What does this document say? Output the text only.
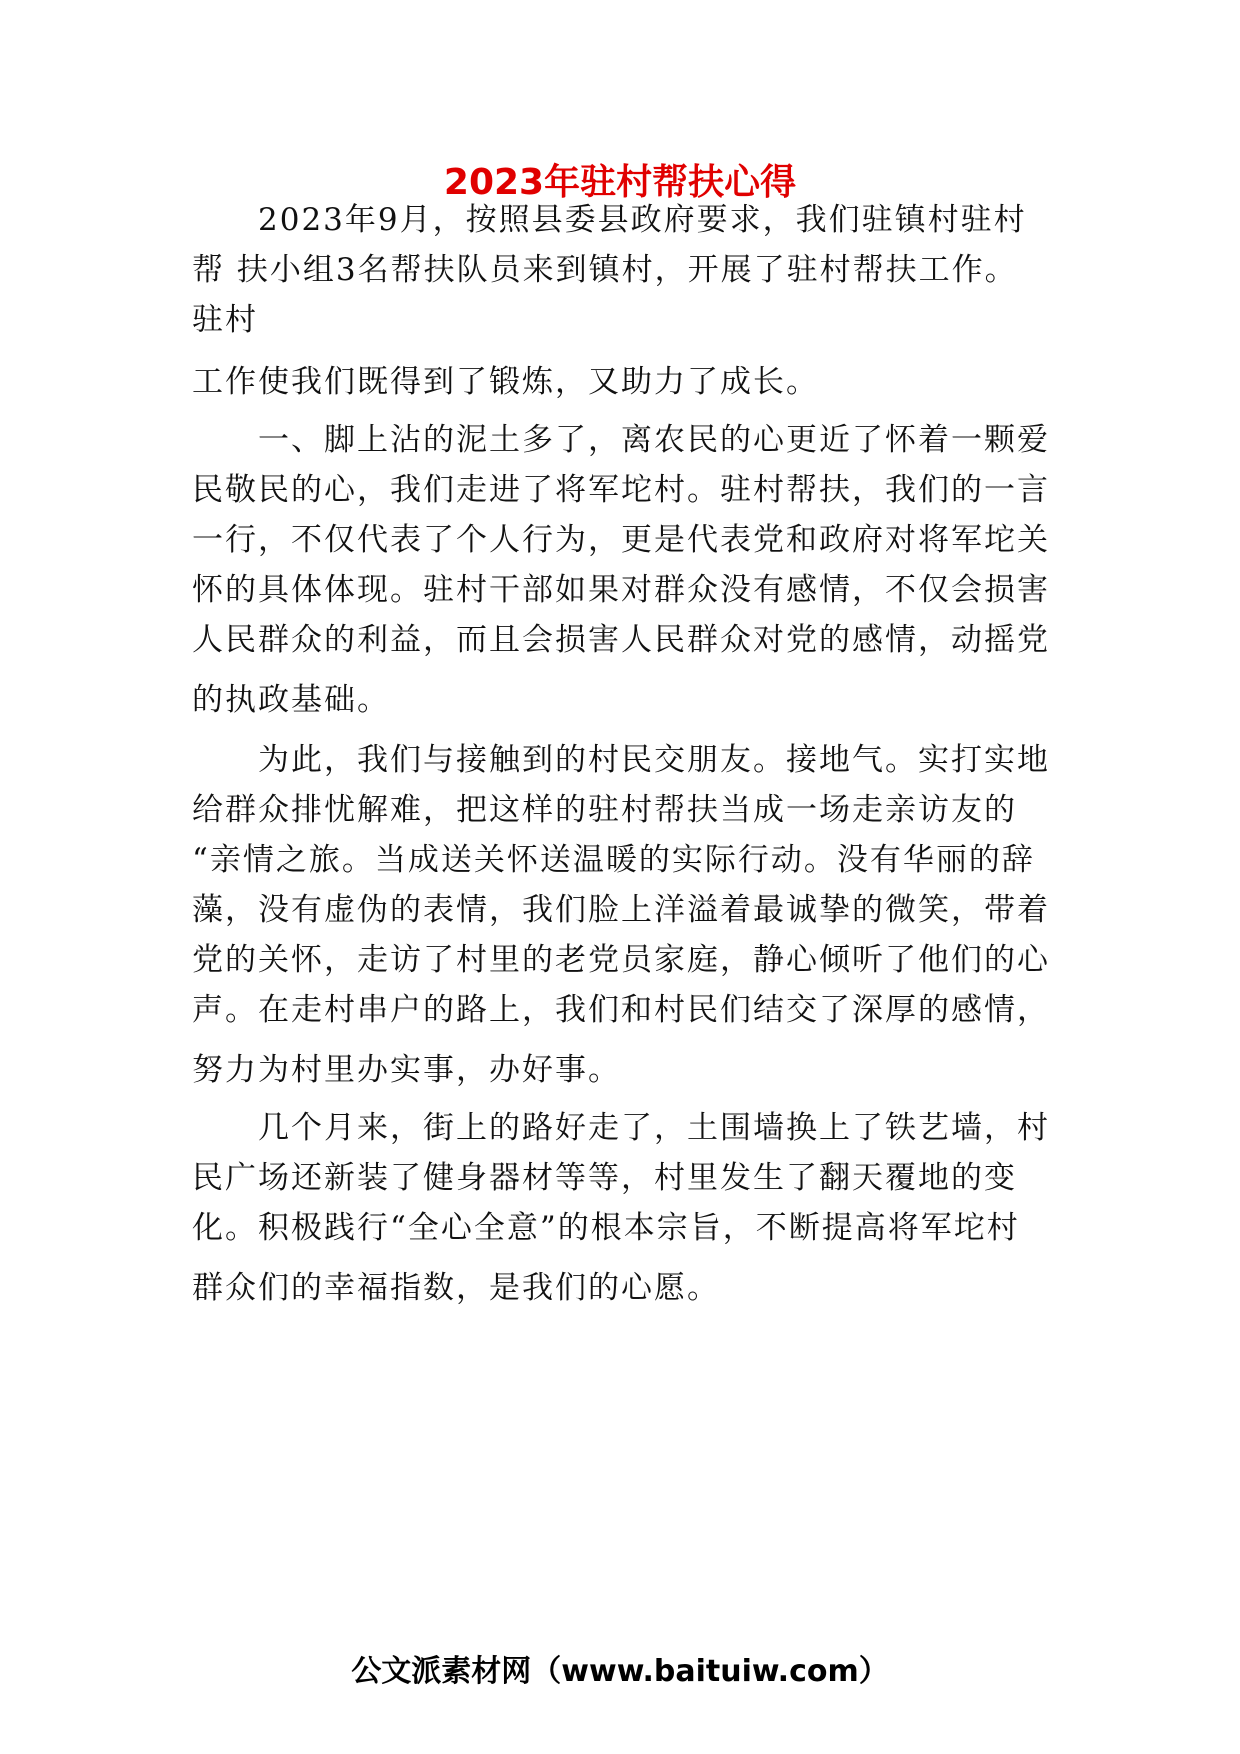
2023年驻村帮扶心得
2023年9月，按照县委县政府要求，我们驻镇村驻村
帮 扶小组3名帮扶队员来到镇村，开展了驻村帮扶工作。
驻村
工作使我们既得到了锻炼，又助力了成长。
一、脚上沾的泥土多了，离农民的心更近了怀着一颗爱
民敬民的心，我们走进了将军坨村。驻村帮扶，我们的一言
一行，不仅代表了个人行为，更是代表党和政府对将军坨关
怀的具体体现。驻村干部如果对群众没有感情，不仅会损害
人民群众的利益，而且会损害人民群众对党的感情，动摇党
的执政基础。
为此，我们与接触到的村民交朋友。接地气。实打实地
给群众排忧解难，把这样的驻村帮扶当成一场走亲访友的
“亲情之旅。当成送关怀送温暖的实际行动。没有华丽的辞
藻，没有虚伪的表情，我们脸上洋溢着最诚挚的微笑，带着
党的关怀，走访了村里的老党员家庭，静心倾听了他们的心
声。在走村串户的路上，我们和村民们结交了深厚的感情，
努力为村里办实事，办好事。
几个月来，街上的路好走了，土围墙换上了铁艺墙，村
民广场还新装了健身器材等等，村里发生了翻天覆地的变
化。积极践行“全心全意”的根本宗旨，不断提高将军坨村
群众们的幸福指数，是我们的心愿。
公文派素材网（www.baituiw.com）
